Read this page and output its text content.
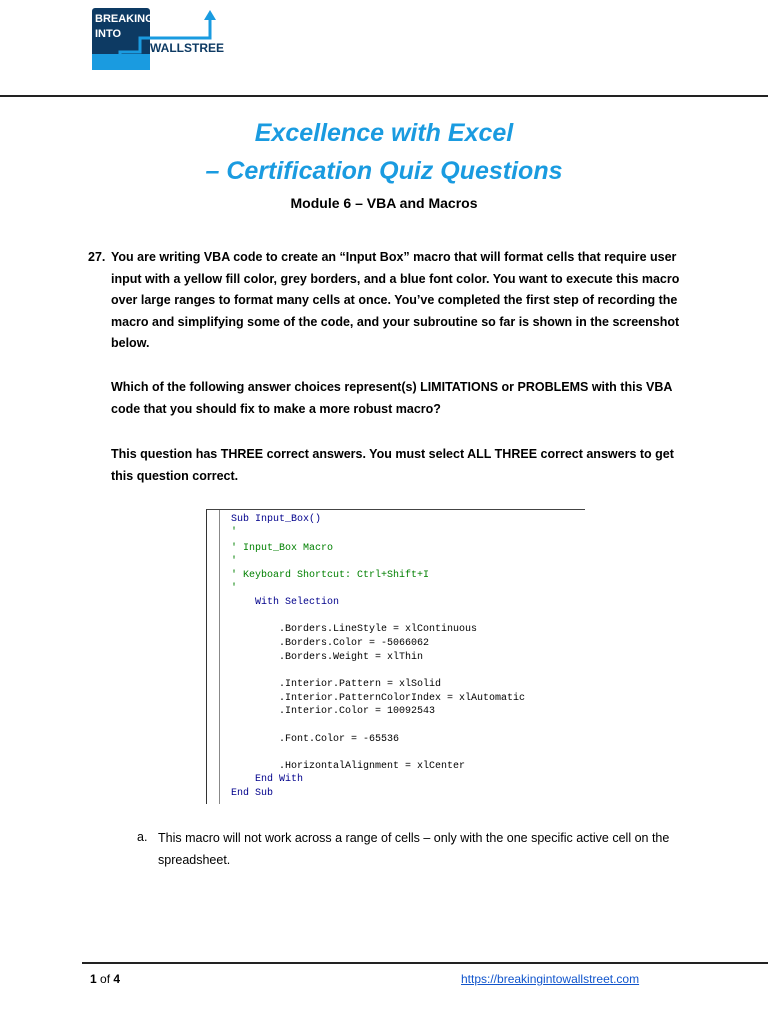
BREAKING
INTO
WALLSTREET
Excellence with Excel
– Certification Quiz Questions
Module 6 – VBA and Macros
27. You are writing VBA code to create an “Input Box” macro that will format cells that require user input with a yellow fill color, grey borders, and a blue font color. You want to execute this macro over large ranges to format many cells at once. You’ve completed the first step of recording the macro and simplifying some of the code, and your subroutine so far is shown in the screenshot below.
Which of the following answer choices represent(s) LIMITATIONS or PROBLEMS with this VBA code that you should fix to make a more robust macro?
This question has THREE correct answers. You must select ALL THREE correct answers to get this question correct.
Sub Input_Box()
'
' Input_Box Macro
'
' Keyboard Shortcut: Ctrl+Shift+I
'
With Selection
.Borders.LineStyle = xlContinuous
.Borders.Color = -5066062
.Borders.Weight = xlThin
.Interior.Pattern = xlSolid
.Interior.PatternColorIndex = xlAutomatic
.Interior.Color = 10092543
.Font.Color = -65536
.HorizontalAlignment = xlCenter
End With
End Sub
a. This macro will not work across a range of cells – only with the one specific active cell on the spreadsheet.
1 of 4	https://breakingintowallstreet.com
